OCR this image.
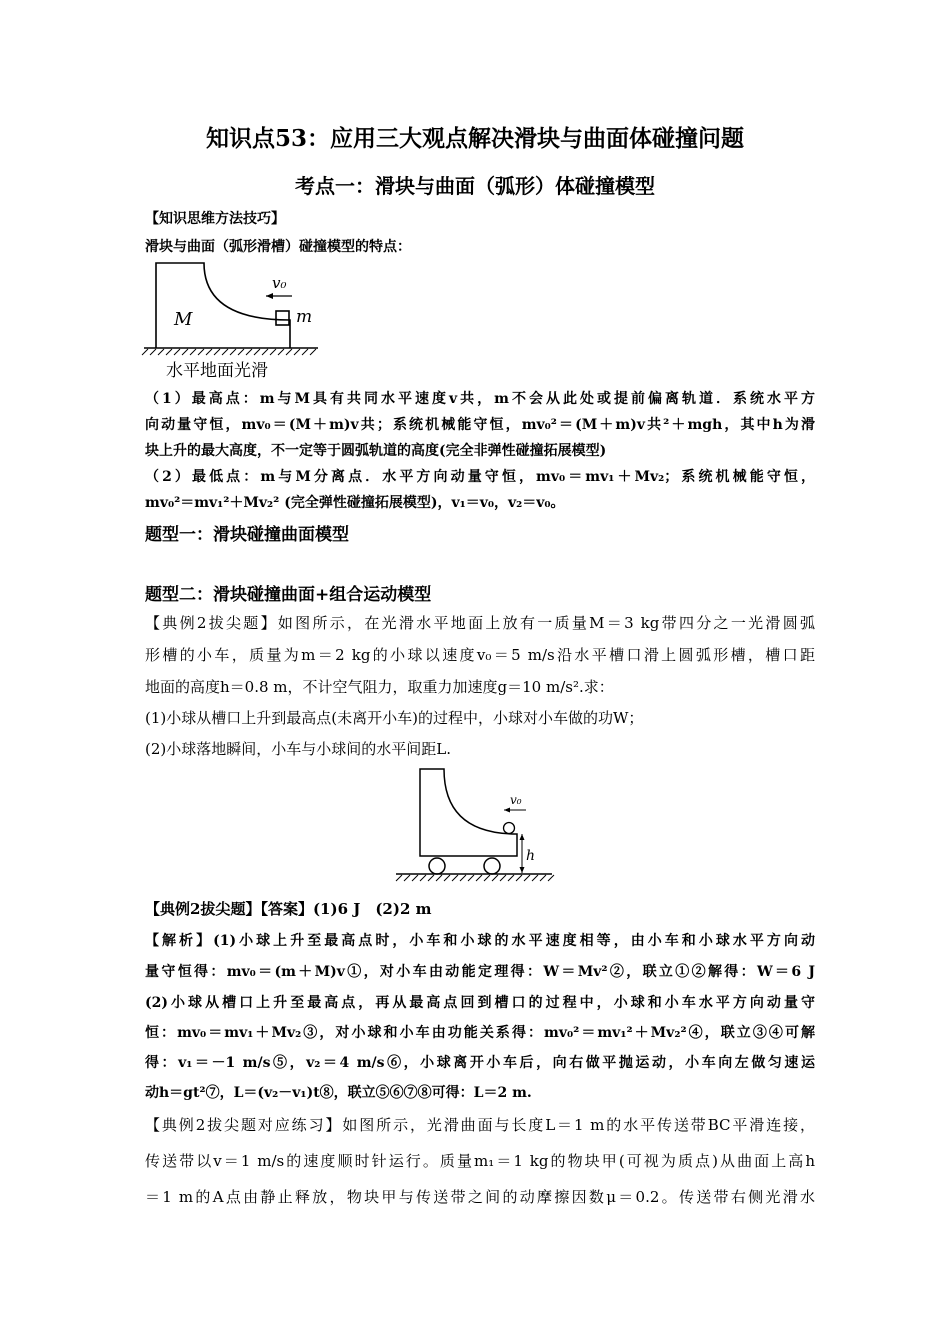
知识点53：应用三大观点解决滑块与曲面体碰撞问题
考点一：滑块与曲面（弧形）体碰撞模型
【知识思维方法技巧】
滑块与曲面（弧形滑槽）碰撞模型的特点：
v₀
m
M
水平地面光滑
（1）最高点：m与M具有共同水平速度v共，m不会从此处或提前偏离轨道．系统水平方
向动量守恒，mv₀＝(M＋m)v共；系统机械能守恒，mv₀²＝(M＋m)v共²＋mgh，其中h为滑
块上升的最大高度，不一定等于圆弧轨道的高度(完全非弹性碰撞拓展模型)
（2）最低点：m与M分离点．水平方向动量守恒，mv₀＝mv₁＋Mv₂；系统机械能守恒，
mv₀²＝mv₁²＋Mv₂² (完全弹性碰撞拓展模型)，v₁＝v₀，v₂＝v₀。
题型一：滑块碰撞曲面模型
题型二：滑块碰撞曲面+组合运动模型
【典例2拔尖题】如图所示，在光滑水平地面上放有一质量M＝3 kg带四分之一光滑圆弧
形槽的小车，质量为m＝2 kg的小球以速度v₀＝5 m/s沿水平槽口滑上圆弧形槽，槽口距
地面的高度h＝0.8 m，不计空气阻力，取重力加速度g＝10 m/s².求：
(1)小球从槽口上升到最高点(未离开小车)的过程中，小球对小车做的功W；
(2)小球落地瞬间，小车与小球间的水平间距L.
v₀
h
【典例2拔尖题】【答案】(1)6 J　(2)2 m
【解析】(1)小球上升至最高点时，小车和小球的水平速度相等，由小车和小球水平方向动
量守恒得：mv₀＝(m＋M)v①，对小车由动能定理得：W＝Mv²②，联立①②解得：W＝6 J
(2)小球从槽口上升至最高点，再从最高点回到槽口的过程中，小球和小车水平方向动量守
恒：mv₀＝mv₁＋Mv₂③，对小球和小车由功能关系得：mv₀²＝mv₁²＋Mv₂²④，联立③④可解
得：v₁＝－1 m/s⑤，v₂＝4 m/s⑥，小球离开小车后，向右做平抛运动，小车向左做匀速运
动h＝gt²⑦，L＝(v₂－v₁)t⑧，联立⑤⑥⑦⑧可得：L＝2 m.
【典例2拔尖题对应练习】如图所示，光滑曲面与长度L＝1 m的水平传送带BC平滑连接，
传送带以v＝1 m/s的速度顺时针运行。质量m₁＝1 kg的物块甲(可视为质点)从曲面上高h
＝1 m的A点由静止释放，物块甲与传送带之间的动摩擦因数μ＝0.2。传送带右侧光滑水
